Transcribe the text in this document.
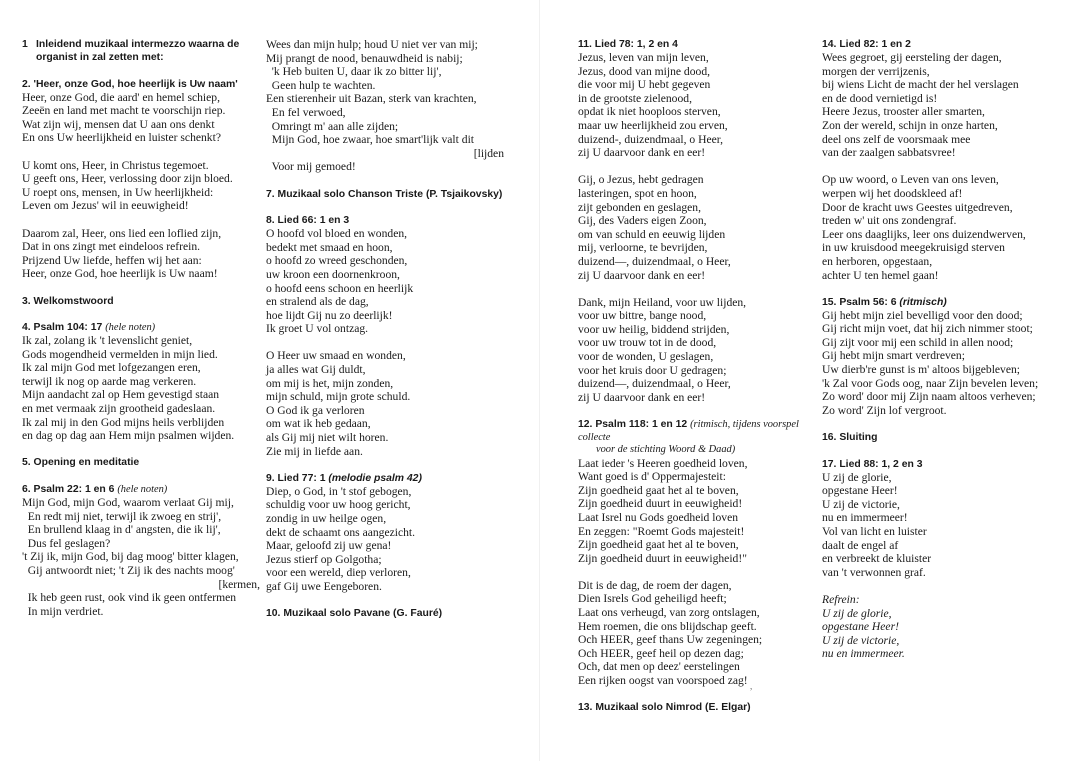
1 Inleidend muzikaal intermezzo waarna de organist in zal zetten met:
2. 'Heer, onze God, hoe heerlijk is Uw naam'
Heer, onze God, die aard' en hemel schiep,
Zeeën en land met macht te voorschijn riep.
Wat zijn wij, mensen dat U aan ons denkt
En ons Uw heerlijkheid en luister schenkt?
U komt ons, Heer, in Christus tegemoet.
U geeft ons, Heer, verlossing door zijn bloed.
U roept ons, mensen, in Uw heerlijkheid:
Leven om Jezus' wil in eeuwigheid!
Daarom zal, Heer, ons lied een loflied zijn,
Dat in ons zingt met eindeloos refrein.
Prijzend Uw liefde, heffen wij het aan:
Heer, onze God, hoe heerlijk is Uw naam!
3. Welkomstwoord
4. Psalm 104: 17 (hele noten)
Ik zal, zolang ik 't levenslicht geniet,
Gods mogendheid vermelden in mijn lied.
Ik zal mijn God met lofgezangen eren,
terwijl ik nog op aarde mag verkeren.
Mijn aandacht zal op Hem gevestigd staan
en met vermaak zijn grootheid gadeslaan.
Ik zal mij in den God mijns heils verblijden
en dag op dag aan Hem mijn psalmen wijden.
5. Opening en meditatie
6. Psalm 22: 1 en 6 (hele noten)
Mijn God, mijn God, waarom verlaat Gij mij,
En redt mij niet, terwijl ik zwoeg en strij',
En brullend klaag in d' angsten, die ik lij',
Dus fel geslagen?
't Zij ik, mijn God, bij dag moog' bitter klagen,
Gij antwoordt niet; 't Zij ik des nachts moog'
[kermen,
Ik heb geen rust, ook vind ik geen ontfermen
In mijn verdriet.
Wees dan mijn hulp; houd U niet ver van mij;
Mij prangt de nood, benauwdheid is nabij;
'k Heb buiten U, daar ik zo bitter lij',
Geen hulp te wachten.
Een stierenheir uit Bazan, sterk van krachten,
En fel verwoed,
Omringt m' aan alle zijden;
Mijn God, hoe zwaar, hoe smart'lijk valt dit
[lijden
Voor mij gemoed!
7. Muzikaal solo Chanson Triste (P. Tsjaikovsky)
8. Lied 66: 1 en 3
O hoofd vol bloed en wonden,
bedekt met smaad en hoon,
o hoofd zo wreed geschonden,
uw kroon een doornenkroon,
o hoofd eens schoon en heerlijk
en stralend als de dag,
hoe lijdt Gij nu zo deerlijk!
Ik groet U vol ontzag.
O Heer uw smaad en wonden,
ja alles wat Gij duldt,
om mij is het, mijn zonden,
mijn schuld, mijn grote schuld.
O God ik ga verloren
om wat ik heb gedaan,
als Gij mij niet wilt horen.
Zie mij in liefde aan.
9. Lied 77: 1 (melodie psalm 42)
Diep, o God, in 't stof gebogen,
schuldig voor uw hoog gericht,
zondig in uw heilge ogen,
dekt de schaamt ons aangezicht.
Maar, geloofd zij uw gena!
Jezus stierf op Golgotha;
voor een wereld, diep verloren,
gaf Gij uwe Eengeboren.
10. Muzikaal solo Pavane (G. Fauré)
11. Lied 78: 1, 2 en 4
Jezus, leven van mijn leven,
Jezus, dood van mijne dood,
die voor mij U hebt gegeven
in de grootste zielenood,
opdat ik niet hooploos sterven,
maar uw heerlijkheid zou erven,
duizend-, duizendmaal, o Heer,
zij U daarvoor dank en eer!
Gij, o Jezus, hebt gedragen
lasteringen, spot en hoon,
zijt gebonden en geslagen,
Gij, des Vaders eigen Zoon,
om van schuld en eeuwig lijden
mij, verloorne, te bevrijden,
duizend—, duizendmaal, o Heer,
zij U daarvoor dank en eer!
Dank, mijn Heiland, voor uw lijden,
voor uw bittre, bange nood,
voor uw heilig, biddend strijden,
voor uw trouw tot in de dood,
voor de wonden, U geslagen,
voor het kruis door U gedragen;
duizend—, duizendmaal, o Heer,
zij U daarvoor dank en eer!
12. Psalm 118: 1 en 12 (ritmisch, tijdens voorspel collecte
voor de stichting Woord & Daad)
Laat ieder 's Heeren goedheid loven,
Want goed is d' Oppermajesteit:
Zijn goedheid gaat het al te boven,
Zijn goedheid duurt in eeuwigheid!
Laat Isrel nu Gods goedheid loven
En zeggen: "Roemt Gods majesteit!
Zijn goedheid gaat het al te boven,
Zijn goedheid duurt in eeuwigheid!"
Dit is de dag, de roem der dagen,
Dien Isrels God geheiligd heeft;
Laat ons verheugd, van zorg ontslagen,
Hem roemen, die ons blijdschap geeft.
Och HEER, geef thans Uw zegeningen;
Och HEER, geef heil op dezen dag;
Och, dat men op deez' eerstelingen
Een rijken oogst van voorspoed zag!
13. Muzikaal solo Nimrod (E. Elgar)
14. Lied 82: 1 en 2
Wees gegroet, gij eersteling der dagen,
morgen der verrijzenis,
bij wiens Licht de macht der hel verslagen
en de dood vernietigd is!
Heere Jezus, trooster aller smarten,
Zon der wereld, schijn in onze harten,
deel ons zelf de voorsmaak mee
van der zaalgen sabbatsvree!
Op uw woord, o Leven van ons leven,
werpen wij het doodskleed af!
Door de kracht uws Geestes uitgedreven,
treden w' uit ons zondengraf.
Leer ons daaglijks, leer ons duizendwerven,
in uw kruisdood meegekruisigd sterven
en herboren, opgestaan,
achter U ten hemel gaan!
15. Psalm 56: 6 (ritmisch)
Gij hebt mijn ziel bevelligd voor den dood;
Gij richt mijn voet, dat hij zich nimmer stoot;
Gij zijt voor mij een schild in allen nood;
Gij hebt mijn smart verdreven;
Uw dierb're gunst is m' altoos bijgebleven;
'k Zal voor Gods oog, naar Zijn bevelen leven;
Zo word' door mij Zijn naam altoos verheven;
Zo word' Zijn lof vergroot.
16. Sluiting
17. Lied 88: 1, 2 en 3
U zij de glorie,
opgestane Heer!
U zij de victorie,
nu en immermeer!
Vol van licht en luister
daalt de engel af
en verbreekt de kluister
van 't verwonnen graf.
Refrein:
U zij de glorie,
opgestane Heer!
U zij de victorie,
nu en immermeer.
,
